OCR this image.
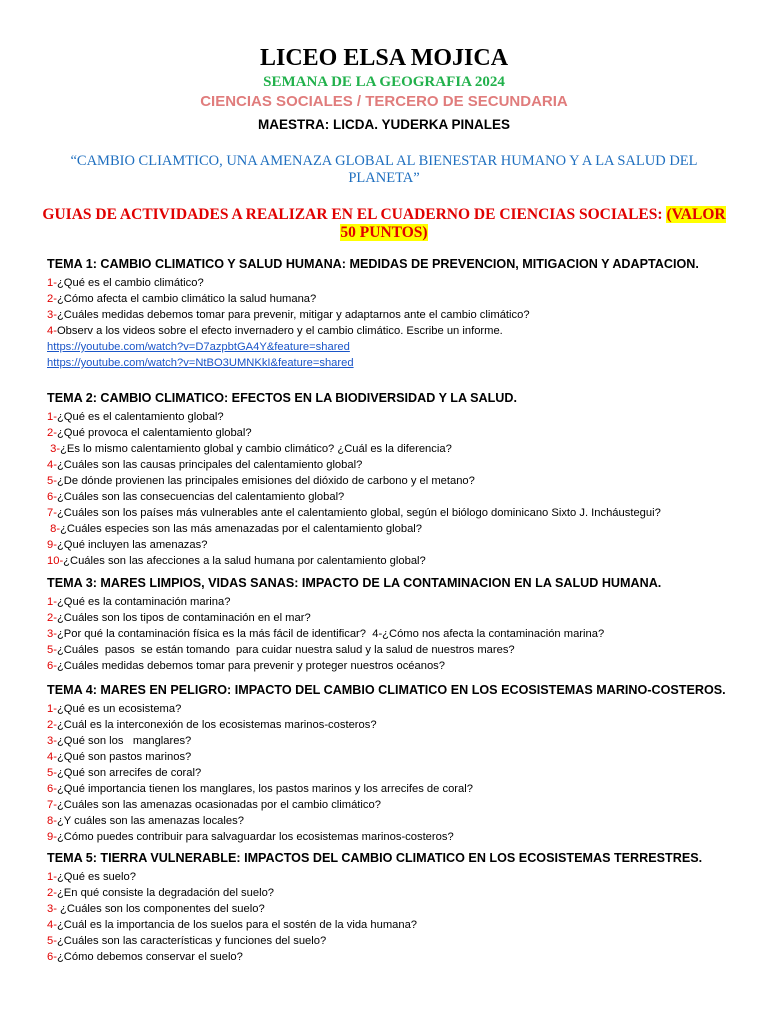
LICEO ELSA MOJICA
SEMANA DE LA GEOGRAFIA 2024
CIENCIAS SOCIALES / TERCERO DE SECUNDARIA
MAESTRA: LICDA. YUDERKA PINALES
“CAMBIO CLIAMTICO, UNA AMENAZA GLOBAL AL BIENESTAR HUMANO Y A LA SALUD DEL PLANETA”
GUIAS DE ACTIVIDADES A REALIZAR EN EL CUADERNO DE CIENCIAS SOCIALES: (VALOR 50 PUNTOS)
TEMA 1: CAMBIO CLIMATICO Y SALUD HUMANA: MEDIDAS DE PREVENCION, MITIGACION Y ADAPTACION.
1-¿Qué es el cambio climático?
2-¿Cómo afecta el cambio climático la salud humana?
3-¿Cuáles medidas debemos tomar para prevenir, mitigar y adaptarnos ante el cambio climático?
4-Observ a los videos sobre el efecto invernadero y el cambio climático. Escribe un informe.
https://youtube.com/watch?v=D7azpbtGA4Y&feature=shared
https://youtube.com/watch?v=NtBO3UMNKkI&feature=shared
TEMA 2: CAMBIO CLIMATICO: EFECTOS EN LA BIODIVERSIDAD Y LA SALUD.
1-¿Qué es el calentamiento global?
2-¿Qué provoca el calentamiento global?
3-¿Es lo mismo calentamiento global y cambio climático? ¿Cuál es la diferencia?
4-¿Cuáles son las causas principales del calentamiento global?
5-¿De dónde provienen las principales emisiones del dióxido de carbono y el metano?
6-¿Cuáles son las consecuencias del calentamiento global?
7-¿Cuáles son los países más vulnerables ante el calentamiento global, según el biólogo dominicano Sixto J. Incháustegui?
8-¿Cuáles especies son las más amenazadas por el calentamiento global?
9-¿Qué incluyen las amenazas?
10-¿Cuáles son las afecciones a la salud humana por calentamiento global?
TEMA 3: MARES LIMPIOS, VIDAS SANAS: IMPACTO DE LA CONTAMINACION EN LA SALUD HUMANA.
1-¿Qué es la contaminación marina?
2-¿Cuáles son los tipos de contaminación en el mar?
3-¿Por qué la contaminación física es la más fácil de identificar?  4-¿Cómo nos afecta la contaminación marina?
5-¿Cuáles  pasos  se están tomando  para cuidar nuestra salud y la salud de nuestros mares?
6-¿Cuáles medidas debemos tomar para prevenir y proteger nuestros océanos?
TEMA 4: MARES EN PELIGRO: IMPACTO DEL CAMBIO CLIMATICO EN LOS ECOSISTEMAS MARINO-COSTEROS.
1-¿Qué es un ecosistema?
2-¿Cuál es la interconexión de los ecosistemas marinos-costeros?
3-¿Qué son los   manglares?
4-¿Qué son pastos marinos?
5-¿Qué son arrecifes de coral?
6-¿Qué importancia tienen los manglares, los pastos marinos y los arrecifes de coral?
7-¿Cuáles son las amenazas ocasionadas por el cambio climático?
8-¿Y cuáles son las amenazas locales?
9-¿Cómo puedes contribuir para salvaguardar los ecosistemas marinos-costeros?
TEMA 5: TIERRA VULNERABLE: IMPACTOS DEL CAMBIO CLIMATICO EN LOS ECOSISTEMAS TERRESTRES.
1-¿Qué es suelo?
2-¿En qué consiste la degradación del suelo?
3- ¿Cuáles son los componentes del suelo?
4-¿Cuál es la importancia de los suelos para el sostén de la vida humana?
5-¿Cuáles son las características y funciones del suelo?
6-¿Cómo debemos conservar el suelo?
